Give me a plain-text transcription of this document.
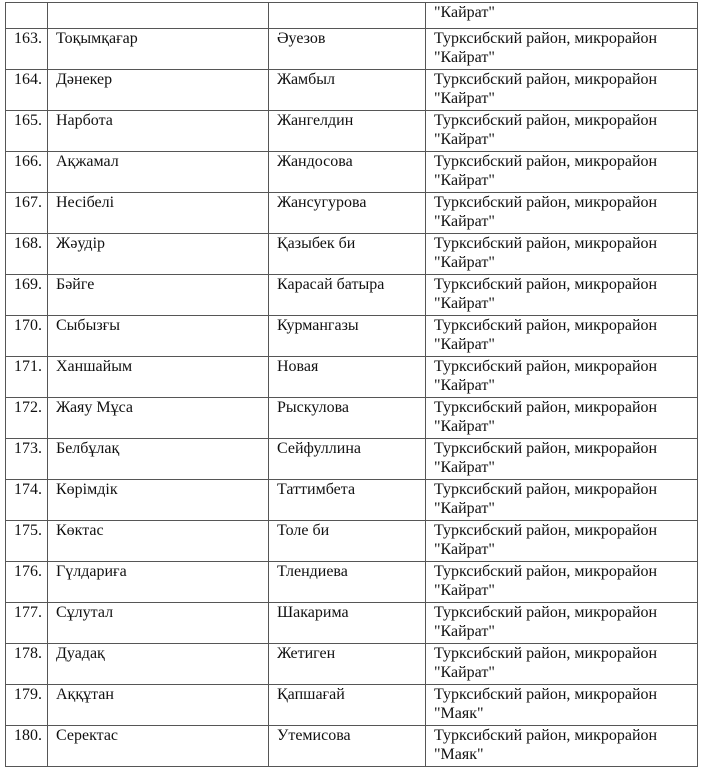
			"Кайрат"
163.	Тоқымқағар	Әуезов	Турксибский район, микрорайон
"Кайрат"

164.	Дәнекер	Жамбыл	Турксибский район, микрорайон
"Кайрат"

165.	Нарбота	Жангелдин	Турксибский район, микрорайон
"Кайрат"

166.	Ақжамал	Жандосова	Турксибский район, микрорайон
"Кайрат"

167.	Несібелі	Жансугурова	Турксибский район, микрорайон
"Кайрат"

168.	Жәудір	Қазыбек би	Турксибский район, микрорайон
"Кайрат"

169.	Бәйге	Карасай батыра	Турксибский район, микрорайон
"Кайрат"

170.	Сыбызғы	Курмангазы	Турксибский район, микрорайон
"Кайрат"

171.	Ханшайым	Новая	Турксибский район, микрорайон
"Кайрат"

172.	Жаяу Мұса	Рыскулова	Турксибский район, микрорайон
"Кайрат"

173.	Белбұлақ	Сейфуллина	Турксибский район, микрорайон
"Кайрат"

174.	Көрімдік	Таттимбета	Турксибский район, микрорайон
"Кайрат"

175.	Көктас	Толе би	Турксибский район, микрорайон
"Кайрат"

176.	Гүлдариға	Тлендиева	Турксибский район, микрорайон
"Кайрат"

177.	Сұлутал	Шакарима	Турксибский район, микрорайон
"Кайрат"

178.	Дуадақ	Жетиген	Турксибский район, микрорайон
"Кайрат"

179.	Аққұтан	Қапшағай	Турксибский район, микрорайон
"Маяк"

180.	Серектас	Утемисова	Турксибский район, микрорайон
"Маяк"
